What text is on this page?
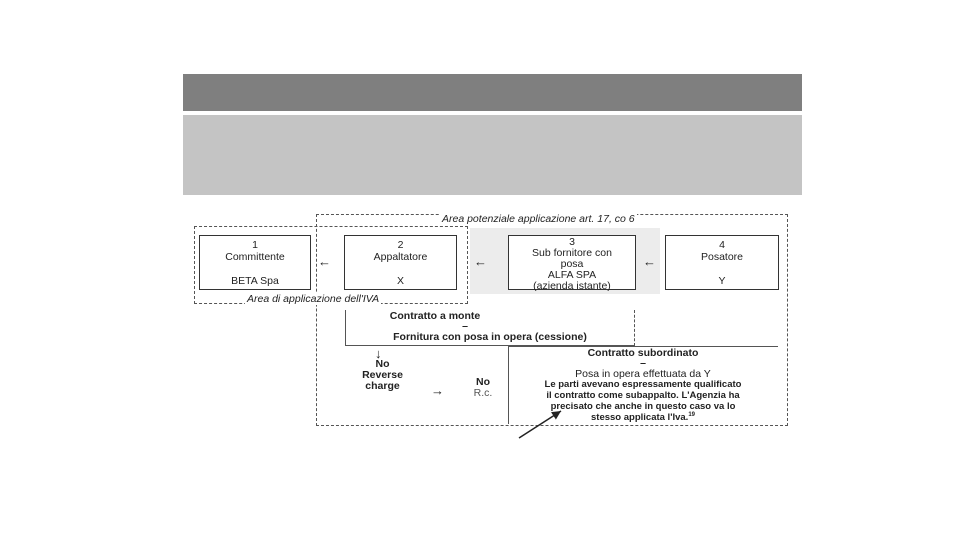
Area potenziale applicazione art. 17, co 6
Area di applicazione dell'IVA
1
Committente
BETA Spa
2
Appaltatore
X
3
Sub fornitore con
posa
ALFA SPA
(azienda istante)
4
Posatore
Y
←	←	←
Contratto a monte
–
Fornitura con posa in opera (cessione)
↓
No
Reverse
charge	→
No
R.c.
Contratto subordinato
–
Posa in opera effettuata da Y
Le parti avevano espressamente qualificato
il contratto come subappalto. L'Agenzia ha
precisato che anche in questo caso va lo
stesso applicata l'Iva.$^{19}$
